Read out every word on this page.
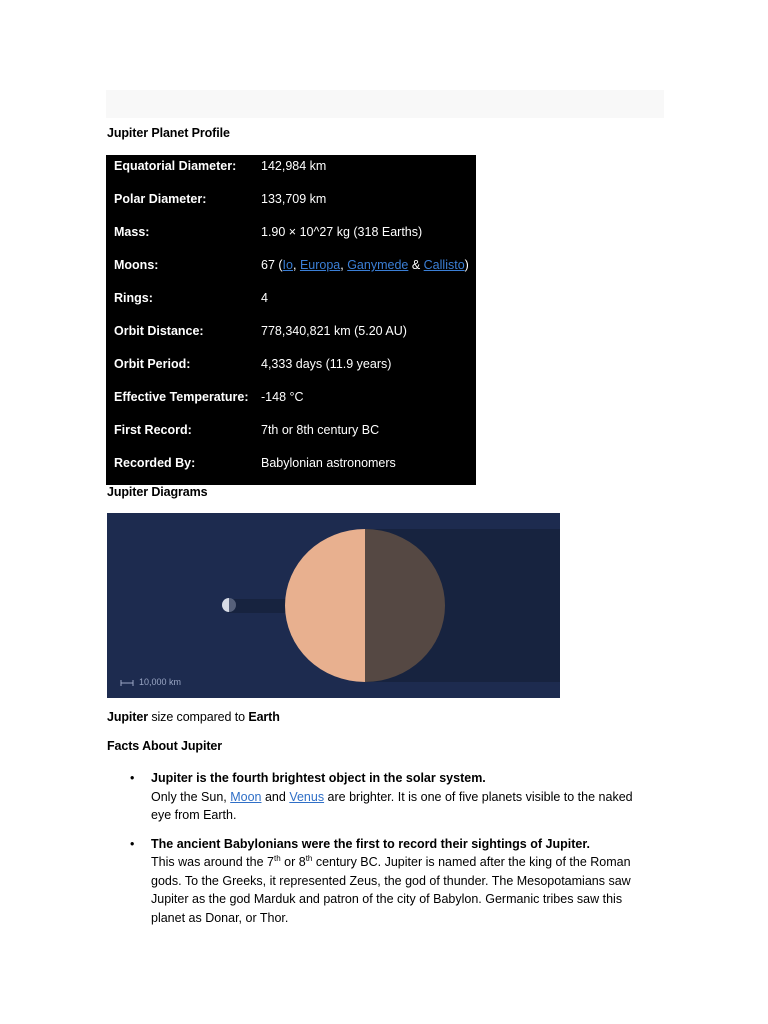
Jupiter Planet Profile
Equatorial Diameter: 142,984 km
Polar Diameter:	133,709 km
Mass:	1.90 × 10^27 kg (318 Earths)
Moons:	67 (Io, Europa, Ganymede & Callisto)
Rings:	4
Orbit Distance:	778,340,821 km (5.20 AU)
Orbit Period:	4,333 days (11.9 years)
Effective Temperature: -148 °C
First Record:	7th or 8th century BC
Recorded By:	Babylonian astronomers
Jupiter Diagrams
10,000 km
Jupiter size compared to Earth
Facts About Jupiter
• Jupiter is the fourth brightest object in the solar system.
Only the Sun, Moon and Venus are brighter. It is one of five planets visible to the naked eye from Earth.
• The ancient Babylonians were the first to record their sightings of Jupiter.
This was around the 7th or 8th century BC. Jupiter is named after the king of the Roman gods. To the Greeks, it represented Zeus, the god of thunder. The Mesopotamians saw Jupiter as the god Marduk and patron of the city of Babylon. Germanic tribes saw this planet as Donar, or Thor.
